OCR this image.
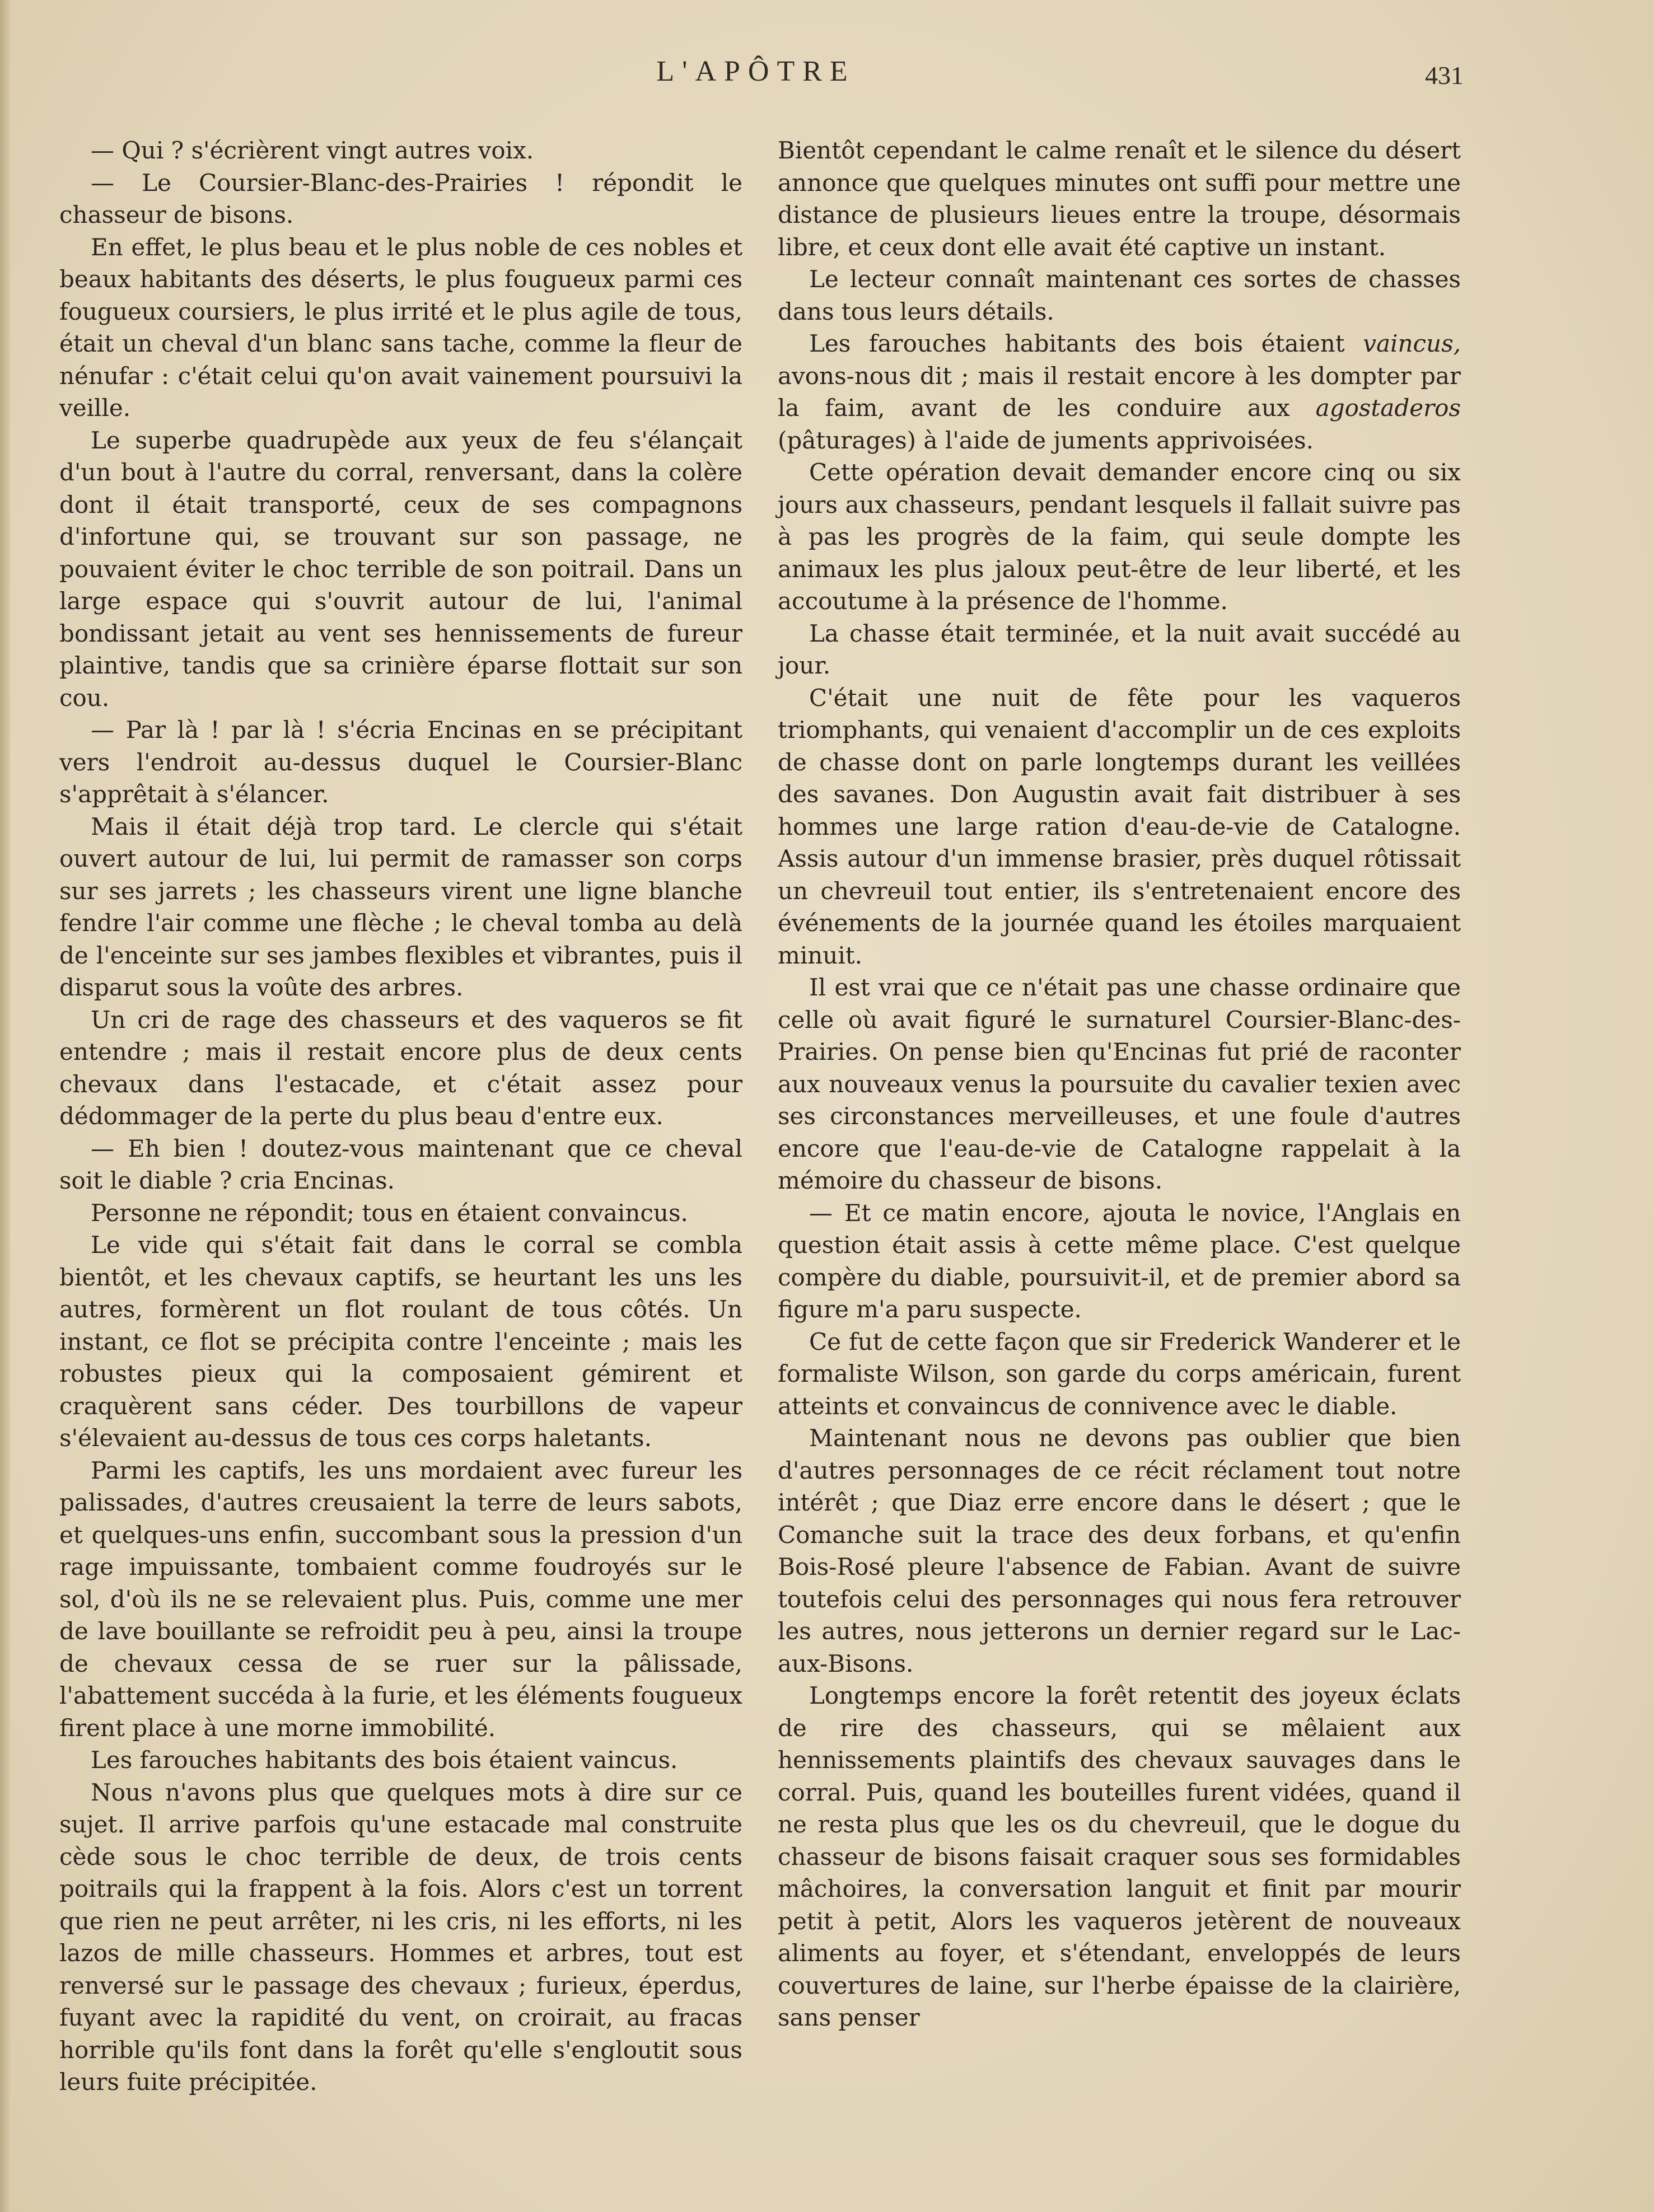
L'APÔTRE	431

— Qui ? s'écrièrent vingt autres voix.

— Le Coursier-Blanc-des-Prairies ! répondit le chasseur de bisons.

En effet, le plus beau et le plus noble de ces nobles et beaux habitants des déserts, le plus fougueux parmi ces fougueux coursiers, le plus irrité et le plus agile de tous, était un cheval d'un blanc sans tache, comme la fleur de nénufar : c'était celui qu'on avait vainement poursuivi la veille.

Le superbe quadrupède aux yeux de feu s'élançait d'un bout à l'autre du corral, renversant, dans la colère dont il était transporté, ceux de ses compagnons d'infortune qui, se trouvant sur son passage, ne pouvaient éviter le choc terrible de son poitrail. Dans un large espace qui s'ouvrit autour de lui, l'animal bondissant jetait au vent ses hennissements de fureur plaintive, tandis que sa crinière éparse flottait sur son cou.

— Par là ! par là ! s'écria Encinas en se précipitant vers l'endroit au-dessus duquel le Coursier-Blanc s'apprêtait à s'élancer.

Mais il était déjà trop tard. Le clercle qui s'était ouvert autour de lui, lui permit de ramasser son corps sur ses jarrets ; les chasseurs virent une ligne blanche fendre l'air comme une flèche ; le cheval tomba au delà de l'enceinte sur ses jambes flexibles et vibrantes, puis il disparut sous la voûte des arbres.

Un cri de rage des chasseurs et des vaqueros se fit entendre ; mais il restait encore plus de deux cents chevaux dans l'estacade, et c'était assez pour dédommager de la perte du plus beau d'entre eux.

— Eh bien ! doutez-vous maintenant que ce cheval soit le diable ? cria Encinas.

Personne ne répondit; tous en étaient convaincus.

Le vide qui s'était fait dans le corral se combla bientôt, et les chevaux captifs, se heurtant les uns les autres, formèrent un flot roulant de tous côtés. Un instant, ce flot se précipita contre l'enceinte ; mais les robustes pieux qui la composaient gémirent et craquèrent sans céder. Des tourbillons de vapeur s'élevaient au-dessus de tous ces corps haletants.

Parmi les captifs, les uns mordaient avec fureur les palissades, d'autres creusaient la terre de leurs sabots, et quelques-uns enfin, succombant sous la pression d'un rage impuissante, tombaient comme foudroyés sur le sol, d'où ils ne se relevaient plus. Puis, comme une mer de lave bouillante se refroidit peu à peu, ainsi la troupe de chevaux cessa de se ruer sur la pâlissade, l'abattement succéda à la furie, et les éléments fougueux firent place à une morne immobilité.

Les farouches habitants des bois étaient vaincus.

Nous n'avons plus que quelques mots à dire sur ce sujet. Il arrive parfois qu'une estacade mal construite cède sous le choc terrible de deux, de trois cents poitrails qui la frappent à la fois. Alors c'est un torrent que rien ne peut arrêter, ni les cris, ni les efforts, ni les lazos de mille chasseurs. Hommes et arbres, tout est renversé sur le passage des chevaux ; furieux, éperdus, fuyant avec la rapidité du vent, on croirait, au fracas horrible qu'ils font dans la forêt qu'elle s'engloutit sous leurs fuite précipitée.

Bientôt cependant le calme renaît et le silence du désert annonce que quelques minutes ont suffi pour mettre une distance de plusieurs lieues entre la troupe, désormais libre, et ceux dont elle avait été captive un instant.

Le lecteur connaît maintenant ces sortes de chasses dans tous leurs détails.

Les farouches habitants des bois étaient vaincus, avons-nous dit ; mais il restait encore à les dompter par la faim, avant de les conduire aux agostaderos (pâturages) à l'aide de juments apprivoisées.

Cette opération devait demander encore cinq ou six jours aux chasseurs, pendant lesquels il fallait suivre pas à pas les progrès de la faim, qui seule dompte les animaux les plus jaloux peut-être de leur liberté, et les accoutume à la présence de l'homme.

La chasse était terminée, et la nuit avait succédé au jour.

C'était une nuit de fête pour les vaqueros triomphants, qui venaient d'accomplir un de ces exploits de chasse dont on parle longtemps durant les veillées des savanes. Don Augustin avait fait distribuer à ses hommes une large ration d'eau-de-vie de Catalogne. Assis autour d'un immense brasier, près duquel rôtissait un chevreuil tout entier, ils s'entretenaient encore des événements de la journée quand les étoiles marquaient minuit.

Il est vrai que ce n'était pas une chasse ordinaire que celle où avait figuré le surnaturel Coursier-Blanc-des-Prairies. On pense bien qu'Encinas fut prié de raconter aux nouveaux venus la poursuite du cavalier texien avec ses circonstances merveilleuses, et une foule d'autres encore que l'eau-de-vie de Catalogne rappelait à la mémoire du chasseur de bisons.

— Et ce matin encore, ajouta le novice, l'Anglais en question était assis à cette même place. C'est quelque compère du diable, poursuivit-il, et de premier abord sa figure m'a paru suspecte.

Ce fut de cette façon que sir Frederick Wanderer et le formaliste Wilson, son garde du corps américain, furent atteints et convaincus de connivence avec le diable.

Maintenant nous ne devons pas oublier que bien d'autres personnages de ce récit réclament tout notre intérêt ; que Diaz erre encore dans le désert ; que le Comanche suit la trace des deux forbans, et qu'enfin Bois-Rosé pleure l'absence de Fabian. Avant de suivre toutefois celui des personnages qui nous fera retrouver les autres, nous jetterons un dernier regard sur le Lac-aux-Bisons.

Longtemps encore la forêt retentit des joyeux éclats de rire des chasseurs, qui se mêlaient aux hennissements plaintifs des chevaux sauvages dans le corral. Puis, quand les bouteilles furent vidées, quand il ne resta plus que les os du chevreuil, que le dogue du chasseur de bisons faisait craquer sous ses formidables mâchoires, la conversation languit et finit par mourir petit à petit, Alors les vaqueros jetèrent de nouveaux aliments au foyer, et s'étendant, enveloppés de leurs couvertures de laine, sur l'herbe épaisse de la clairière, sans penser
